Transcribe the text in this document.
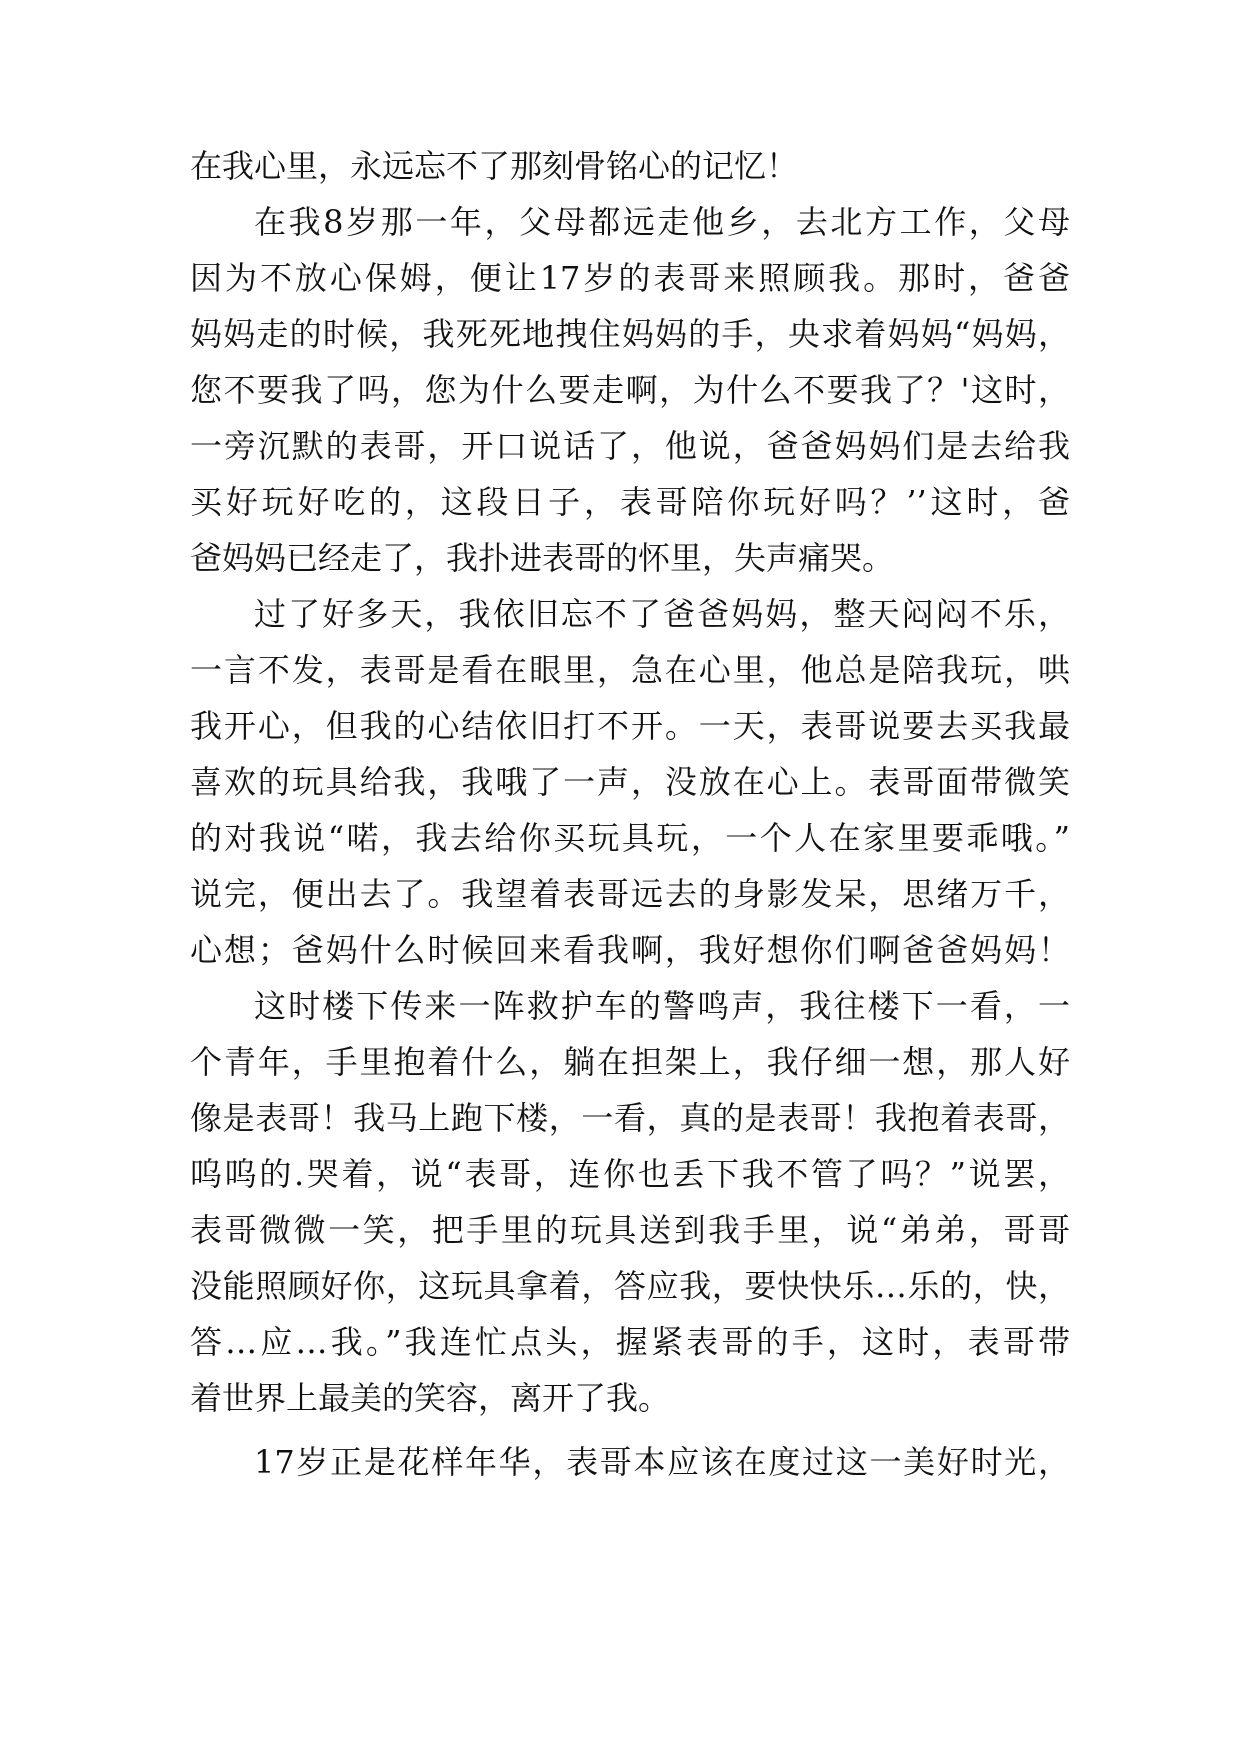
在我心里，永远忘不了那刻骨铭心的记忆！
在我8岁那一年，父母都远走他乡，去北方工作，父母
因为不放心保姆，便让17岁的表哥来照顾我。那时，爸爸
妈妈走的时候，我死死地拽住妈妈的手，央求着妈妈“妈妈，
您不要我了吗，您为什么要走啊，为什么不要我了？'这时，
一旁沉默的表哥，开口说话了，他说，爸爸妈妈们是去给我
买好玩好吃的，这段日子，表哥陪你玩好吗？’’这时，爸
爸妈妈已经走了，我扑进表哥的怀里，失声痛哭。
过了好多天，我依旧忘不了爸爸妈妈，整天闷闷不乐，
一言不发，表哥是看在眼里，急在心里，他总是陪我玩，哄
我开心，但我的心结依旧打不开。一天，表哥说要去买我最
喜欢的玩具给我，我哦了一声，没放在心上。表哥面带微笑
的对我说“喏，我去给你买玩具玩，一个人在家里要乖哦。”
说完，便出去了。我望着表哥远去的身影发呆，思绪万千，
心想；爸妈什么时候回来看我啊，我好想你们啊爸爸妈妈！
这时楼下传来一阵救护车的警鸣声，我往楼下一看，一
个青年，手里抱着什么，躺在担架上，我仔细一想，那人好
像是表哥！我马上跑下楼，一看，真的是表哥！我抱着表哥，
呜呜的.哭着，说“表哥，连你也丢下我不管了吗？”说罢，
表哥微微一笑，把手里的玩具送到我手里，说“弟弟，哥哥
没能照顾好你，这玩具拿着，答应我，要快快乐…乐的，快，
答…应…我。”我连忙点头，握紧表哥的手，这时，表哥带
着世界上最美的笑容，离开了我。
17岁正是花样年华，表哥本应该在度过这一美好时光，
